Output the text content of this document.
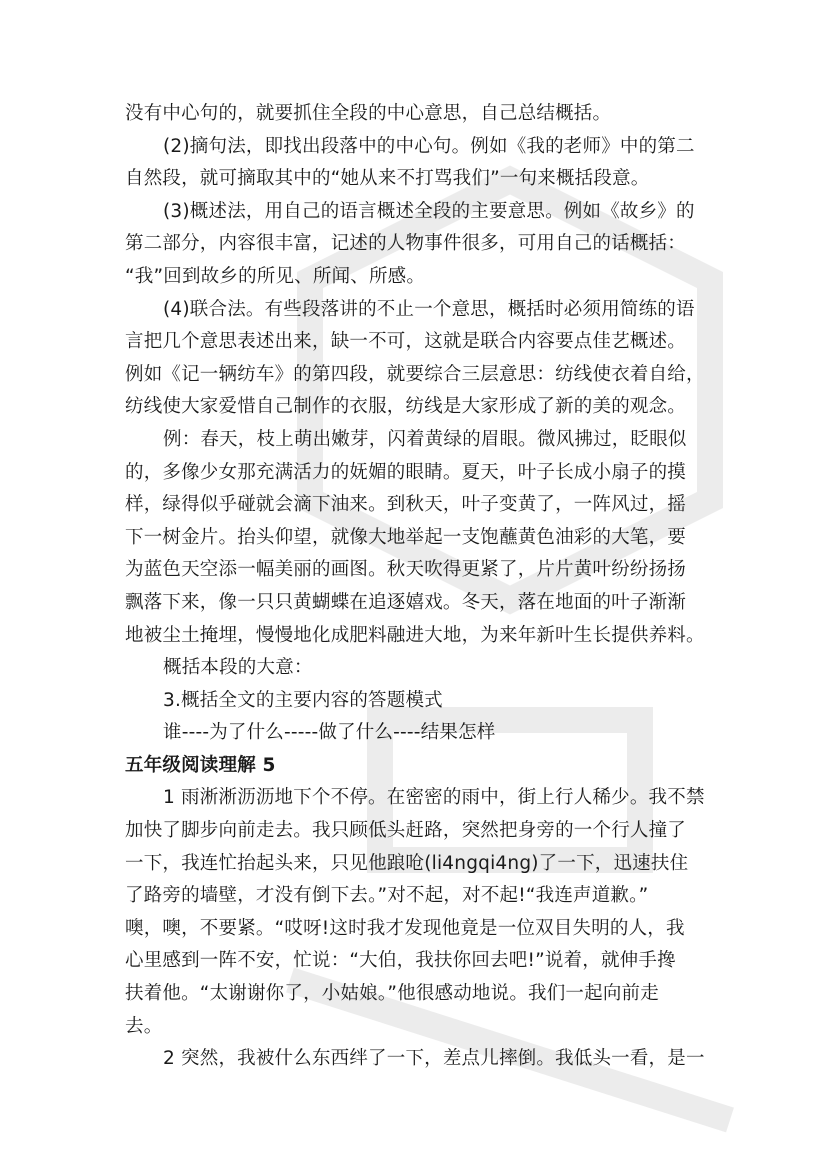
没有中心句的，就要抓住全段的中心意思，自己总结概括。
(2)摘句法，即找出段落中的中心句。例如《我的老师》中的第二
自然段，就可摘取其中的“她从来不打骂我们”一句来概括段意。
(3)概述法，用自己的语言概述全段的主要意思。例如《故乡》的
第二部分，内容很丰富，记述的人物事件很多，可用自己的话概括：
“我”回到故乡的所见、所闻、所感。
(4)联合法。有些段落讲的不止一个意思，概括时必须用简练的语
言把几个意思表述出来，缺一不可，这就是联合内容要点佳艺概述。
例如《记一辆纺车》的第四段，就要综合三层意思：纺线使衣着自给，
纺线使大家爱惜自己制作的衣服，纺线是大家形成了新的美的观念。
例：春天，枝上萌出嫩芽，闪着黄绿的眉眼。微风拂过，眨眼似
的，多像少女那充满活力的妩媚的眼睛。夏天，叶子长成小扇子的摸
样，绿得似乎碰就会滴下油来。到秋天，叶子变黄了，一阵风过，摇
下一树金片。抬头仰望，就像大地举起一支饱蘸黄色油彩的大笔，要
为蓝色天空添一幅美丽的画图。秋天吹得更紧了，片片黄叶纷纷扬扬
飘落下来，像一只只黄蝴蝶在追逐嬉戏。冬天，落在地面的叶子渐渐
地被尘土掩埋，慢慢地化成肥料融进大地，为来年新叶生长提供养料。
概括本段的大意：
3.概括全文的主要内容的答题模式
谁----为了什么-----做了什么----结果怎样
五年级阅读理解 5
1 雨淅淅沥沥地下个不停。在密密的雨中，街上行人稀少。我不禁
加快了脚步向前走去。我只顾低头赶路，突然把身旁的一个行人撞了
一下，我连忙抬起头来，只见他踉呛(li4ngqi4ng)了一下，迅速扶住
了路旁的墙壁，才没有倒下去。”对不起，对不起!“我连声道歉。”
噢，噢，不要紧。“哎呀!这时我才发现他竟是一位双目失明的人，我
心里感到一阵不安，忙说：“大伯，我扶你回去吧!”说着，就伸手搀
扶着他。“太谢谢你了，小姑娘。”他很感动地说。我们一起向前走
去。
2 突然，我被什么东西绊了一下，差点儿摔倒。我低头一看，是一
